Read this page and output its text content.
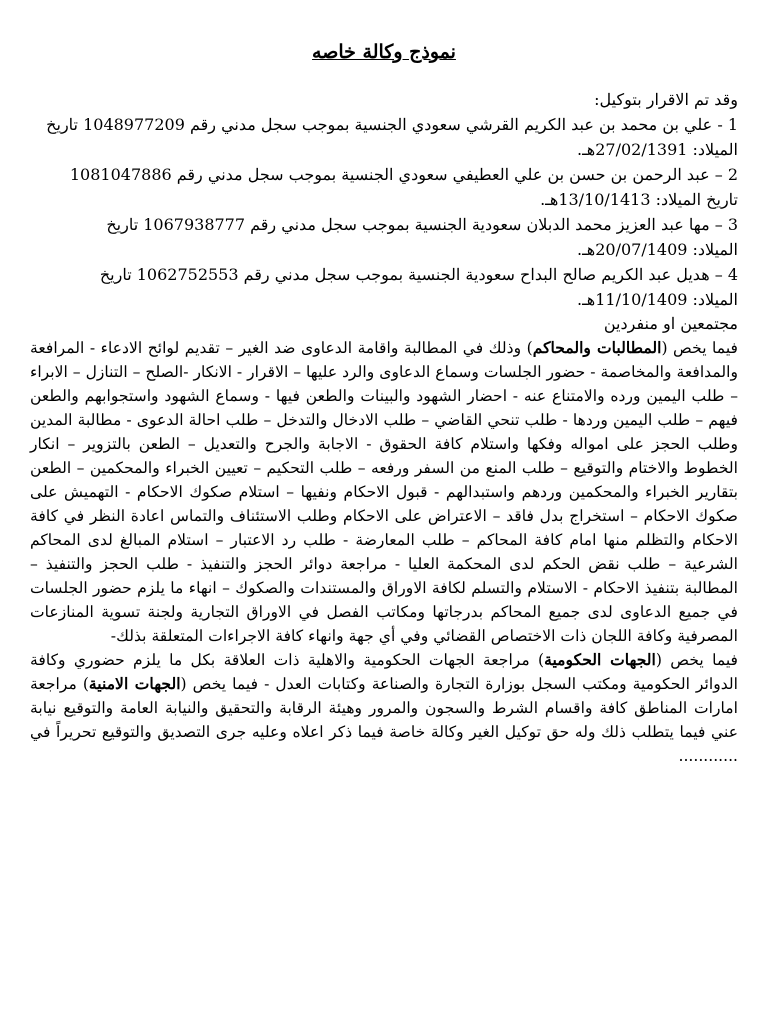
نموذج وكالة خاصه

وقد تم الاقرار بتوكيل:

1 - علي بن محمد بن عبد الكريم القرشي سعودي الجنسية بموجب سجل مدني رقم 1048977209 تاريخ

الميلاد: 27/02/1391هـ.

2 – عبد الرحمن بن حسن بن علي العطيفي سعودي الجنسية بموجب سجل مدني رقم 1081047886

تاريخ الميلاد: 13/10/1413هـ.

3 – مها عبد العزيز محمد الدبلان سعودية الجنسية بموجب سجل مدني رقم 1067938777 تاريخ

الميلاد: 20/07/1409هـ.

4 – هديل عبد الكريم صالح البداح سعودية الجنسية بموجب سجل مدني رقم 1062752553 تاريخ

الميلاد: 11/10/1409هـ.

مجتمعين او منفردين

فيما يخص (المطالبات والمحاكم) وذلك في المطالبة واقامة الدعاوى ضد الغير – تقديم لوائح الادعاء - المرافعة والمدافعة والمخاصمة - حضور الجلسات وسماع الدعاوى والرد عليها – الاقرار - الانكار -الصلح – التنازل – الابراء – طلب اليمين ورده والامتناع عنه - احضار الشهود والبينات والطعن فيها - وسماع الشهود واستجوابهم والطعن فيهم – طلب اليمين وردها - طلب تنحي القاضي – طلب الادخال والتدخل – طلب احالة الدعوى - مطالبة المدين وطلب الحجز على امواله وفكها واستلام كافة الحقوق - الاجابة والجرح والتعديل – الطعن بالتزوير – انكار الخطوط والاختام والتوقيع – طلب المنع من السفر ورفعه – طلب التحكيم – تعيين الخبراء والمحكمين – الطعن بتقارير الخبراء والمحكمين وردهم واستبدالهم - قبول الاحكام ونفيها – استلام صكوك الاحكام - التهميش على صكوك الاحكام – استخراج بدل فاقد – الاعتراض على الاحكام وطلب الاستئناف والتماس اعادة النظر في كافة الاحكام والتظلم منها امام كافة المحاكم – طلب المعارضة - طلب رد الاعتبار – استلام المبالغ لدى المحاكم الشرعية – طلب نقض الحكم لدى المحكمة العليا - مراجعة دوائر الحجز والتنفيذ - طلب الحجز والتنفيذ – المطالبة بتنفيذ الاحكام - الاستلام والتسلم لكافة الاوراق والمستندات والصكوك – انهاء ما يلزم حضور الجلسات في جميع الدعاوى لدى جميع المحاكم بدرجاتها ومكاتب الفصل في الاوراق التجارية ولجنة تسوية المنازعات المصرفية وكافة اللجان ذات الاختصاص القضائي وفي أي جهة وانهاء كافة الاجراءات المتعلقة بذلك-
فيما يخص (الجهات الحكومية) مراجعة الجهات الحكومية والاهلية ذات العلاقة بكل ما يلزم حضوري وكافة الدوائر الحكومية ومكتب السجل بوزارة التجارة والصناعة وكتابات العدل - فيما يخص (الجهات الامنية) مراجعة امارات المناطق كافة واقسام الشرط والسجون والمرور وهيئة الرقابة والتحقيق والنيابة العامة والتوقيع نيابة عني فيما يتطلب ذلك وله حق توكيل الغير وكالة خاصة فيما ذكر اعلاه وعليه جرى التصديق والتوقيع تحريراً في ............
